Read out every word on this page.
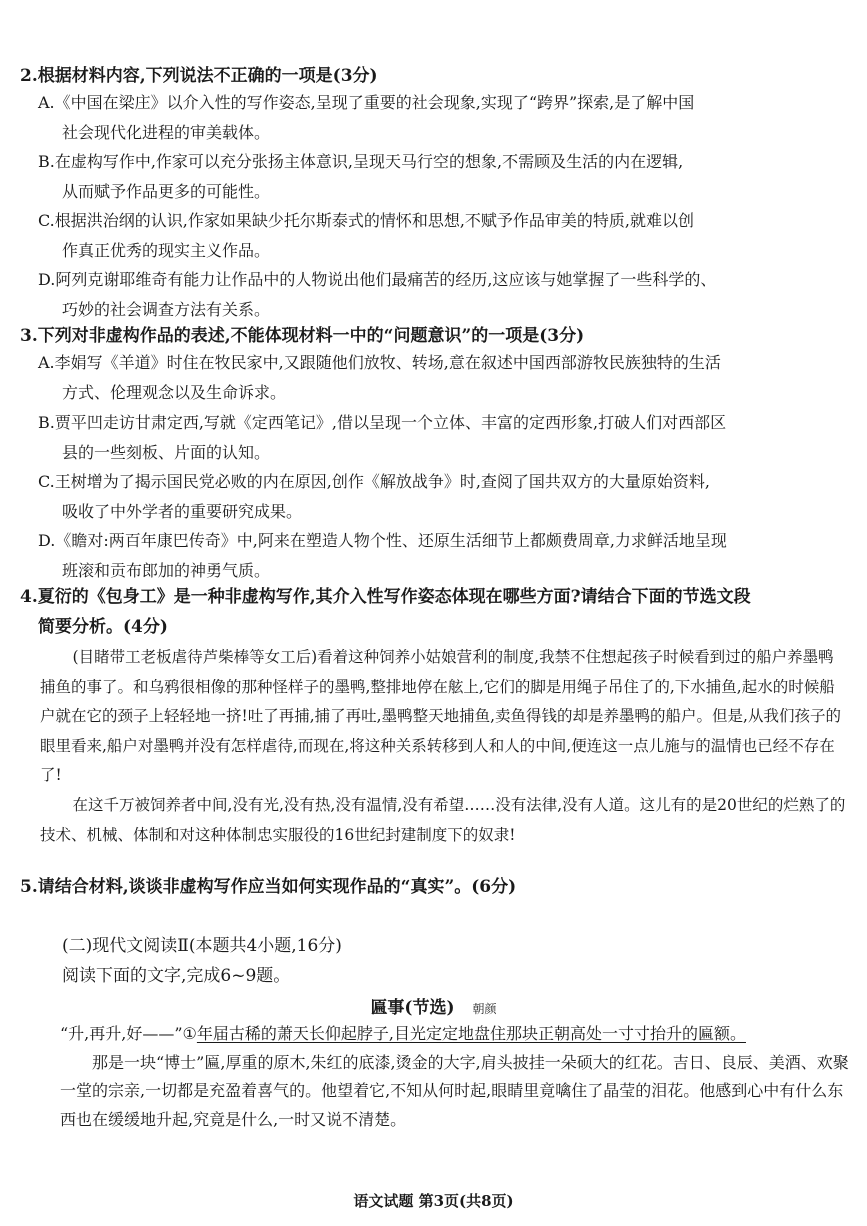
2.根据材料内容,下列说法不正确的一项是(3分)
A.《中国在梁庄》以介入性的写作姿态,呈现了重要的社会现象,实现了“跨界”探索,是了解中国
社会现代化进程的审美载体。
B.在虚构写作中,作家可以充分张扬主体意识,呈现天马行空的想象,不需顾及生活的内在逻辑,
从而赋予作品更多的可能性。
C.根据洪治纲的认识,作家如果缺少托尔斯泰式的情怀和思想,不赋予作品审美的特质,就难以创
作真正优秀的现实主义作品。
D.阿列克谢耶维奇有能力让作品中的人物说出他们最痛苦的经历,这应该与她掌握了一些科学的、
巧妙的社会调查方法有关系。
3.下列对非虚构作品的表述,不能体现材料一中的“问题意识”的一项是(3分)
A.李娟写《羊道》时住在牧民家中,又跟随他们放牧、转场,意在叙述中国西部游牧民族独特的生活
方式、伦理观念以及生命诉求。
B.贾平凹走访甘肃定西,写就《定西笔记》,借以呈现一个立体、丰富的定西形象,打破人们对西部区
县的一些刻板、片面的认知。
C.王树增为了揭示国民党必败的内在原因,创作《解放战争》时,查阅了国共双方的大量原始资料,
吸收了中外学者的重要研究成果。
D.《瞻对:两百年康巴传奇》中,阿来在塑造人物个性、还原生活细节上都颇费周章,力求鲜活地呈现
班滚和贡布郎加的神勇气质。
4.夏衍的《包身工》是一种非虚构写作,其介入性写作姿态体现在哪些方面?请结合下面的节选文段
简要分析。(4分)

(目睹带工老板虐待芦柴棒等女工后)看着这种饲养小姑娘营利的制度,我禁不住想起孩子时候看到过的船户养墨鸭捕鱼的事了。和乌鸦很相像的那种怪样子的墨鸭,整排地停在舷上,它们的脚是用绳子吊住了的,下水捕鱼,起水的时候船户就在它的颈子上轻轻地一挤!吐了再捕,捕了再吐,墨鸭整天地捕鱼,卖鱼得钱的却是养墨鸭的船户。但是,从我们孩子的眼里看来,船户对墨鸭并没有怎样虐待,而现在,将这种关系转移到人和人的中间,便连这一点儿施与的温情也已经不存在了!

在这千万被饲养者中间,没有光,没有热,没有温情,没有希望……没有法律,没有人道。这儿有的是20世纪的烂熟了的技术、机械、体制和对这种体制忠实服役的16世纪封建制度下的奴隶!

5.请结合材料,谈谈非虚构写作应当如何实现作品的“真实”。(6分)
(二)现代文阅读Ⅱ(本题共4小题,16分)
阅读下面的文字,完成6~9题。
匾事(节选) 朝颜

“升,再升,好——”①年届古稀的萧天长仰起脖子,目光定定地盘住那块正朝高处一寸寸抬升的匾额。

那是一块“博士”匾,厚重的原木,朱红的底漆,烫金的大字,肩头披挂一朵硕大的红花。吉日、良辰、美酒、欢聚一堂的宗亲,一切都是充盈着喜气的。他望着它,不知从何时起,眼睛里竟噙住了晶莹的泪花。他感到心中有什么东西也在缓缓地升起,究竟是什么,一时又说不清楚。

语文试题 第3页(共8页)
